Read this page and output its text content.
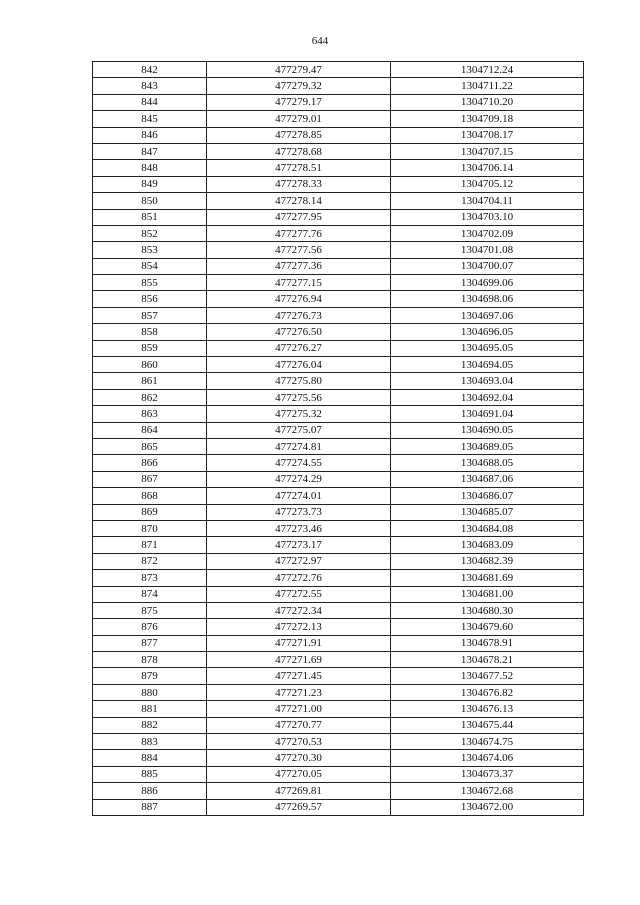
644
842	477279.47	1304712.24
843	477279.32	1304711.22
844	477279.17	1304710.20
845	477279.01	1304709.18
846	477278.85	1304708.17
847	477278.68	1304707.15
848	477278.51	1304706.14
849	477278.33	1304705.12
850	477278.14	1304704.11
851	477277.95	1304703.10
852	477277.76	1304702.09
853	477277.56	1304701.08
854	477277.36	1304700.07
855	477277.15	1304699.06
856	477276.94	1304698.06
857	477276.73	1304697.06
858	477276.50	1304696.05
859	477276.27	1304695.05
860	477276.04	1304694.05
861	477275.80	1304693.04
862	477275.56	1304692.04
863	477275.32	1304691.04
864	477275.07	1304690.05
865	477274.81	1304689.05
866	477274.55	1304688.05
867	477274.29	1304687.06
868	477274.01	1304686.07
869	477273.73	1304685.07
870	477273.46	1304684.08
871	477273.17	1304683.09
872	477272.97	1304682.39
873	477272.76	1304681.69
874	477272.55	1304681.00
875	477272.34	1304680.30
876	477272.13	1304679.60
877	477271.91	1304678.91
878	477271.69	1304678.21
879	477271.45	1304677.52
880	477271.23	1304676.82
881	477271.00	1304676.13
882	477270.77	1304675.44
883	477270.53	1304674.75
884	477270.30	1304674.06
885	477270.05	1304673.37
886	477269.81	1304672.68
887	477269.57	1304672.00
